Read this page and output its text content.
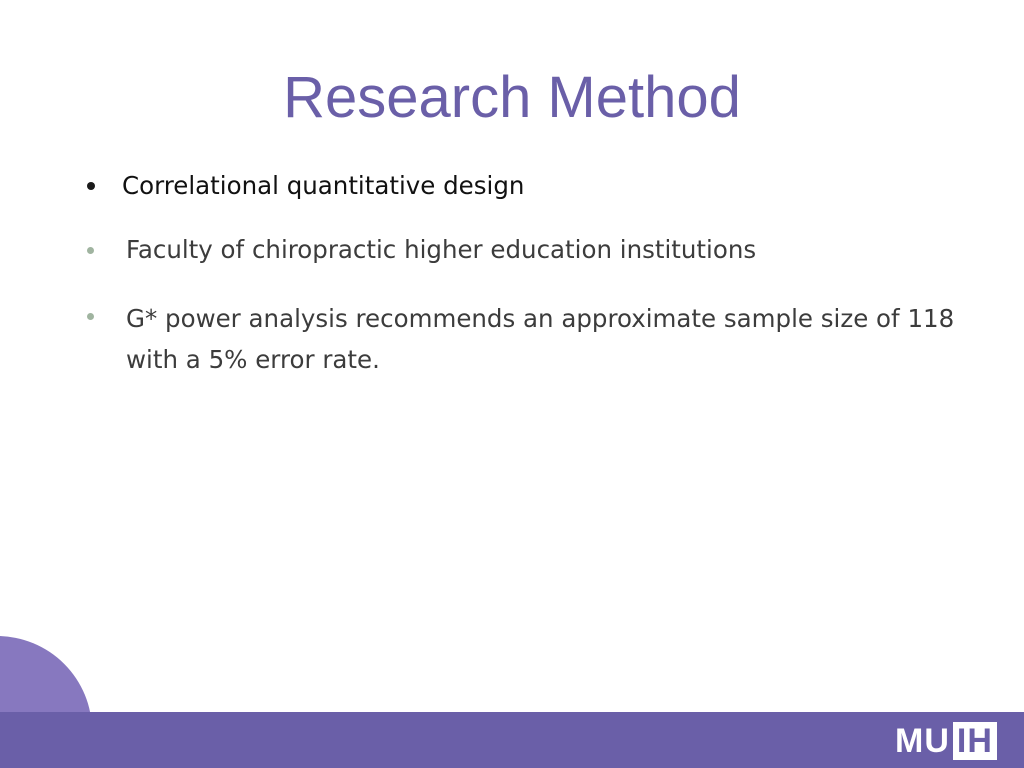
Research Method
Correlational quantitative design
Faculty of chiropractic higher education institutions
G* power analysis recommends an approximate sample size of 118 with a 5% error rate.
MU IH
